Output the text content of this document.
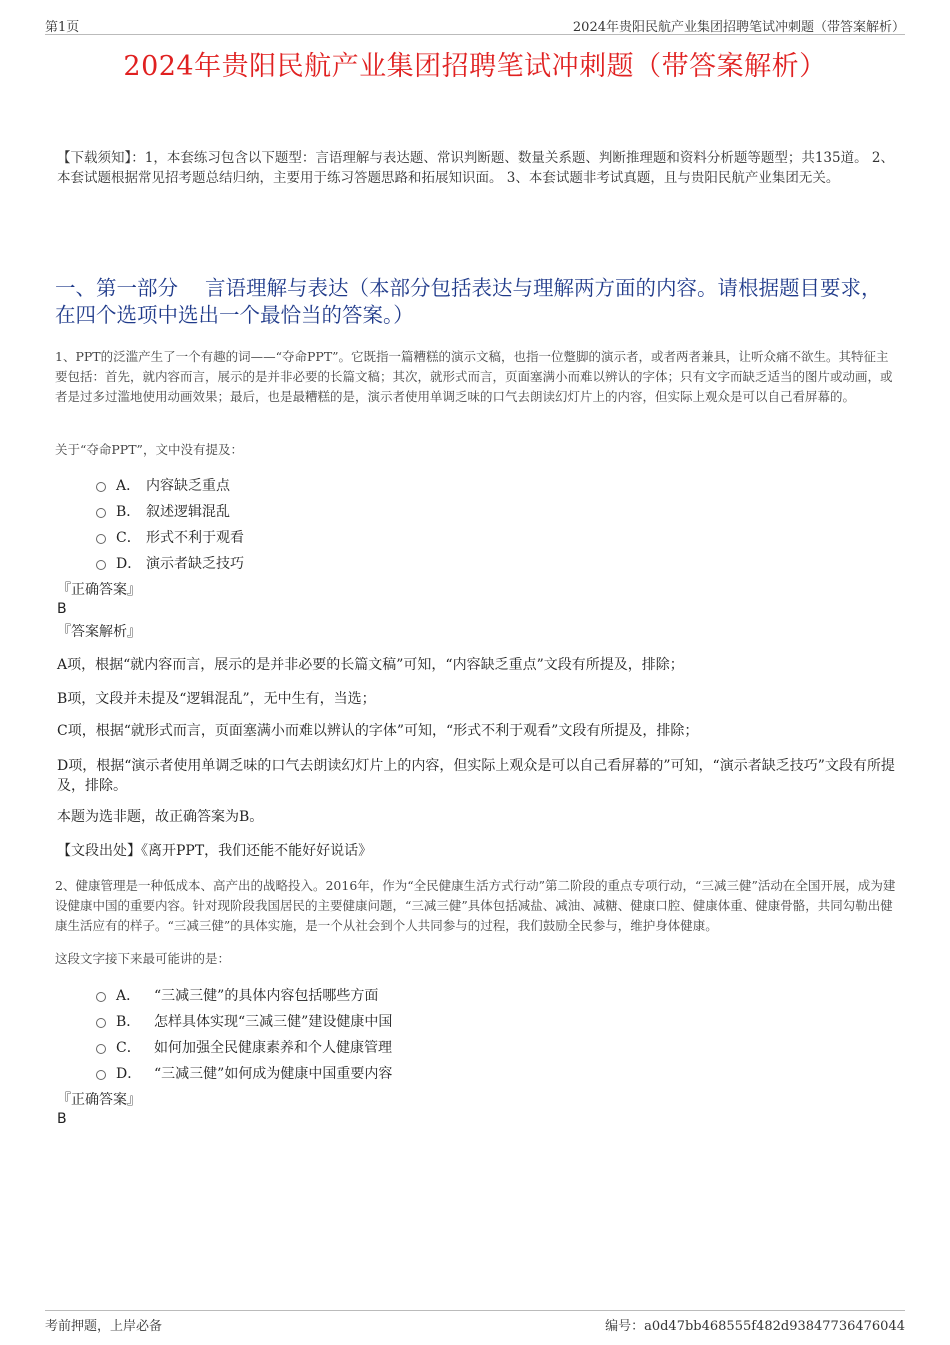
第1页	2024年贵阳民航产业集团招聘笔试冲刺题（带答案解析）
2024年贵阳民航产业集团招聘笔试冲刺题（带答案解析）
【下载须知】：1，本套练习包含以下题型：言语理解与表达题、常识判断题、数量关系题、判断推理题和资料分析题等题型；共135道。 2、本套试题根据常见招考题总结归纳，主要用于练习答题思路和拓展知识面。 3、本套试题非考试真题，且与贵阳民航产业集团无关。
一、第一部分　 言语理解与表达（本部分包括表达与理解两方面的内容。请根据题目要求，在四个选项中选出一个最恰当的答案。）
1、PPT的泛滥产生了一个有趣的词——“夺命PPT”。它既指一篇糟糕的演示文稿，也指一位蹩脚的演示者，或者两者兼具，让听众痛不欲生。其特征主要包括：首先，就内容而言，展示的是并非必要的长篇文稿；其次，就形式而言，页面塞满小而难以辨认的字体；只有文字而缺乏适当的图片或动画，或者是过多过滥地使用动画效果；最后，也是最糟糕的是，演示者使用单调乏味的口气去朗读幻灯片上的内容，但实际上观众是可以自己看屏幕的。
关于“夺命PPT”，文中没有提及：
A． 内容缺乏重点
B． 叙述逻辑混乱
C． 形式不利于观看
D． 演示者缺乏技巧
『正确答案』
B
『答案解析』
A项，根据“就内容而言，展示的是并非必要的长篇文稿”可知，“内容缺乏重点”文段有所提及，排除；
B项，文段并未提及“逻辑混乱”，无中生有，当选；
C项，根据“就形式而言，页面塞满小而难以辨认的字体”可知，“形式不利于观看”文段有所提及，排除；
D项，根据“演示者使用单调乏味的口气去朗读幻灯片上的内容，但实际上观众是可以自己看屏幕的”可知，“演示者缺乏技巧”文段有所提及，排除。
本题为选非题，故正确答案为B。
【文段出处】《离开PPT，我们还能不能好好说话》
2、健康管理是一种低成本、高产出的战略投入。2016年，作为“全民健康生活方式行动”第二阶段的重点专项行动，“三减三健”活动在全国开展，成为建设健康中国的重要内容。针对现阶段我国居民的主要健康问题，“三减三健”具体包括减盐、减油、减糖、健康口腔、健康体重、健康骨骼，共同勾勒出健康生活应有的样子。“三减三健”的具体实施，是一个从社会到个人共同参与的过程，我们鼓励全民参与，维护身体健康。
这段文字接下来最可能讲的是：
A． “三减三健”的具体内容包括哪些方面
B． 怎样具体实现“三减三健”建设健康中国
C． 如何加强全民健康素养和个人健康管理
D． “三减三健”如何成为健康中国重要内容
『正确答案』
B
考前押题，上岸必备	编号：a0d47bb468555f482d93847736476044
